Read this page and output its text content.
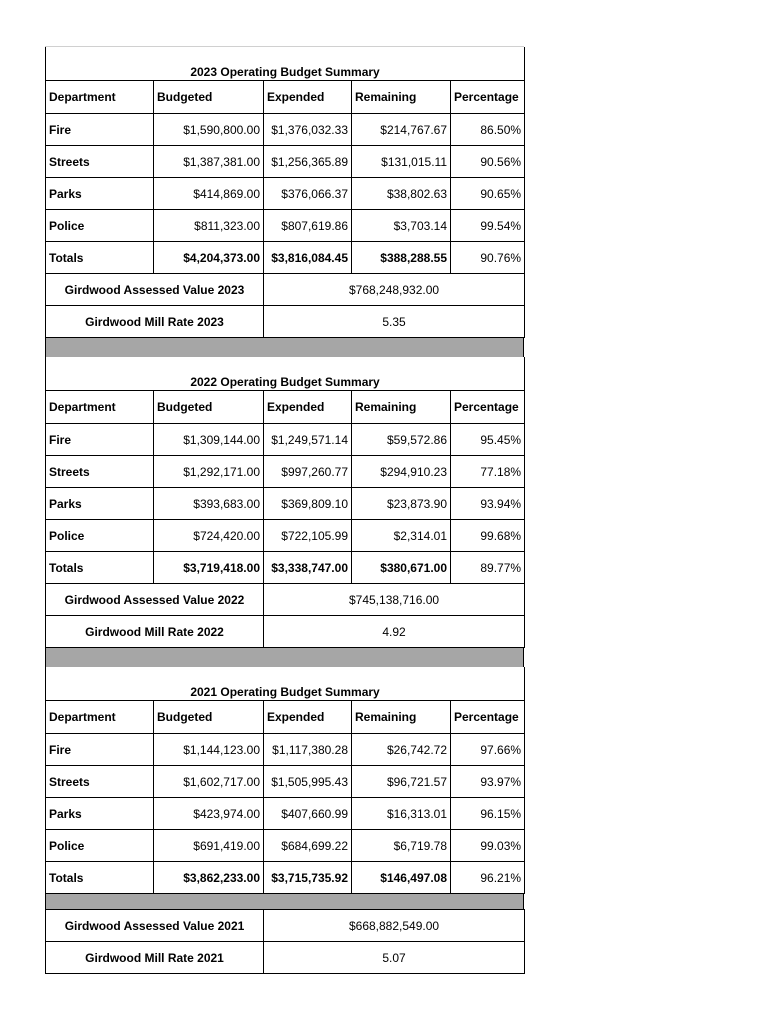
2023 Operating Budget Summary				
Department	Budgeted	Expended	Remaining	Percentage
Fire	$1,590,800.00	$1,376,032.33	$214,767.67	86.50%
Streets	$1,387,381.00	$1,256,365.89	$131,015.11	90.56%
Parks	$414,869.00	$376,066.37	$38,802.63	90.65%
Police	$811,323.00	$807,619.86	$3,703.14	99.54%
Totals	$4,204,373.00	$3,816,084.45	$388,288.55	90.76%
Girdwood Assessed Value 2023		$768,248,932.00		
Girdwood Mill Rate 2023		5.35		
2022 Operating Budget Summary				
Department	Budgeted	Expended	Remaining	Percentage
Fire	$1,309,144.00	$1,249,571.14	$59,572.86	95.45%
Streets	$1,292,171.00	$997,260.77	$294,910.23	77.18%
Parks	$393,683.00	$369,809.10	$23,873.90	93.94%
Police	$724,420.00	$722,105.99	$2,314.01	99.68%
Totals	$3,719,418.00	$3,338,747.00	$380,671.00	89.77%
Girdwood Assessed Value 2022		$745,138,716.00		
Girdwood Mill Rate 2022		4.92		
2021 Operating Budget Summary				
Department	Budgeted	Expended	Remaining	Percentage
Fire	$1,144,123.00	$1,117,380.28	$26,742.72	97.66%
Streets	$1,602,717.00	$1,505,995.43	$96,721.57	93.97%
Parks	$423,974.00	$407,660.99	$16,313.01	96.15%
Police	$691,419.00	$684,699.22	$6,719.78	99.03%
Totals	$3,862,233.00	$3,715,735.92	$146,497.08	96.21%
Girdwood Assessed Value 2021	$668,882,549.00
Girdwood Mill Rate 2021	5.07
